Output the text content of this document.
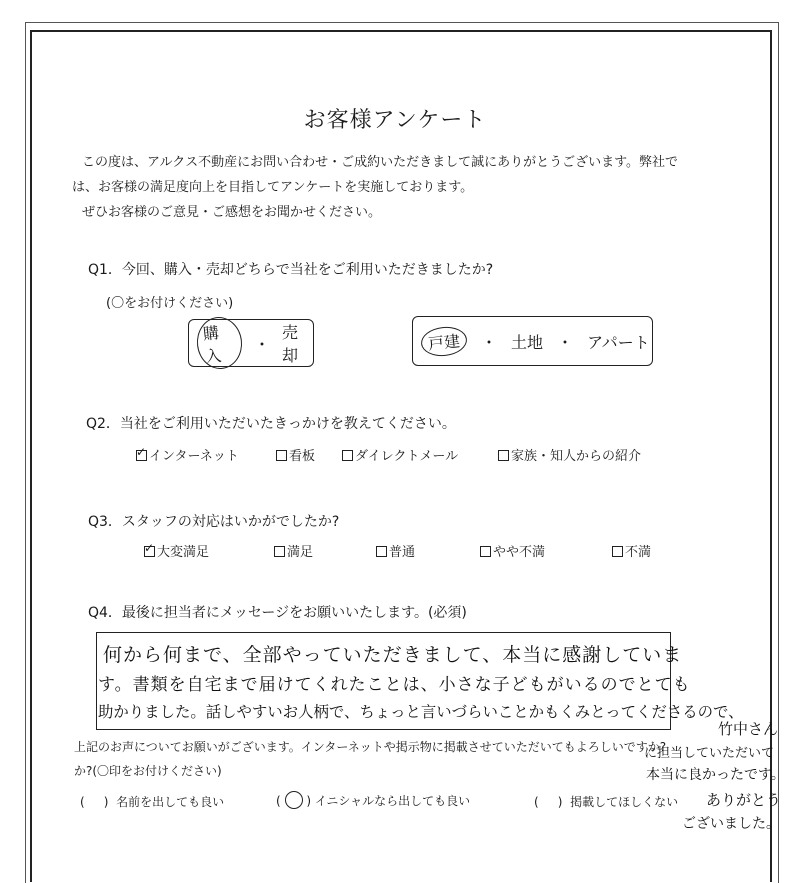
お客様アンケート
この度は、アルクス不動産にお問い合わせ・ご成約いただきまして誠にありがとうございます。弊社で
は、お客様の満足度向上を目指してアンケートを実施しております。
ぜひお客様のご意見・ご感想をお聞かせください。
Q1．今回、購入・売却どちらで当社をご利用いただきましたか?
(〇をお付けください)
購入
・
売却
戸建	・ 土地 ・ アパート
Q2．当社をご利用いただいたきっかけを教えてください。
✓インターネット	看板	ダイレクトメール	家族・知人からの紹介
Q3．スタッフの対応はいかがでしたか?
✓大変満足	満足	普通	やや不満	不満
Q4．最後に担当者にメッセージをお願いいたします。(必須)
何から何まで、全部やっていただきまして、本当に感謝していま
す。書類を自宅まで届けてくれたことは、小さな子どもがいるのでとても
助かりました。話しやすいお人柄で、ちょっと言いづらいことかもくみとってくださるので、
上記のお声についてお願いがございます。インターネットや掲示物に掲載させていただいてもよろしいですか?
か?(〇印をお付けください)
(     )  名前を出しても良い	(  ) イニシャルなら出しても良い	(     )  掲載してほしくない
竹中さん
に担当していただいて
本当に良かったです。
ありがとう
ございました。
